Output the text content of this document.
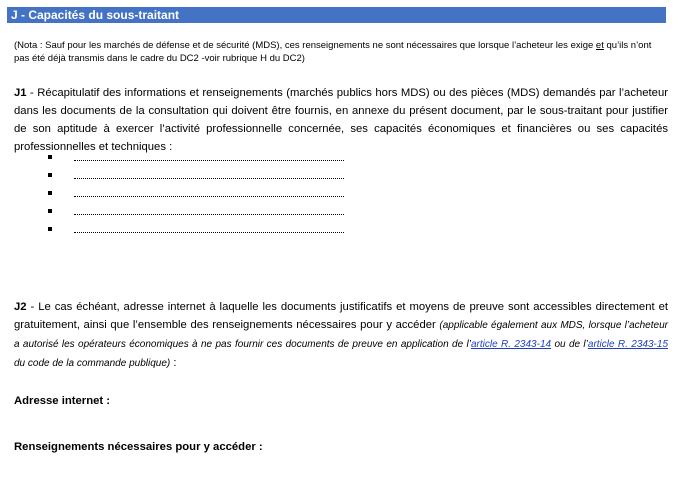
J - Capacités du sous-traitant
(Nota : Sauf pour les marchés de défense et de sécurité (MDS), ces renseignements ne sont nécessaires que lorsque l’acheteur les exige et qu’ils n’ont pas été déjà transmis dans le cadre du DC2 -voir rubrique H du DC2)
J1 - Récapitulatif des informations et renseignements (marchés publics hors MDS) ou des pièces (MDS) demandés par l’acheteur dans les documents de la consultation qui doivent être fournis, en annexe du présent document, par le sous-traitant pour justifier de son aptitude à exercer l’activité professionnelle concernée, ses capacités économiques et financières ou ses capacités professionnelles et techniques :
J2 - Le cas échéant, adresse internet à laquelle les documents justificatifs et moyens de preuve sont accessibles directement et gratuitement, ainsi que l’ensemble des renseignements nécessaires pour y accéder (applicable également aux MDS, lorsque l’acheteur a autorisé les opérateurs économiques à ne pas fournir ces documents de preuve en application de l’article R. 2343-14 ou de l’article R. 2343-15 du code de la commande publique) :
Adresse internet :
Renseignements nécessaires pour y accéder :
